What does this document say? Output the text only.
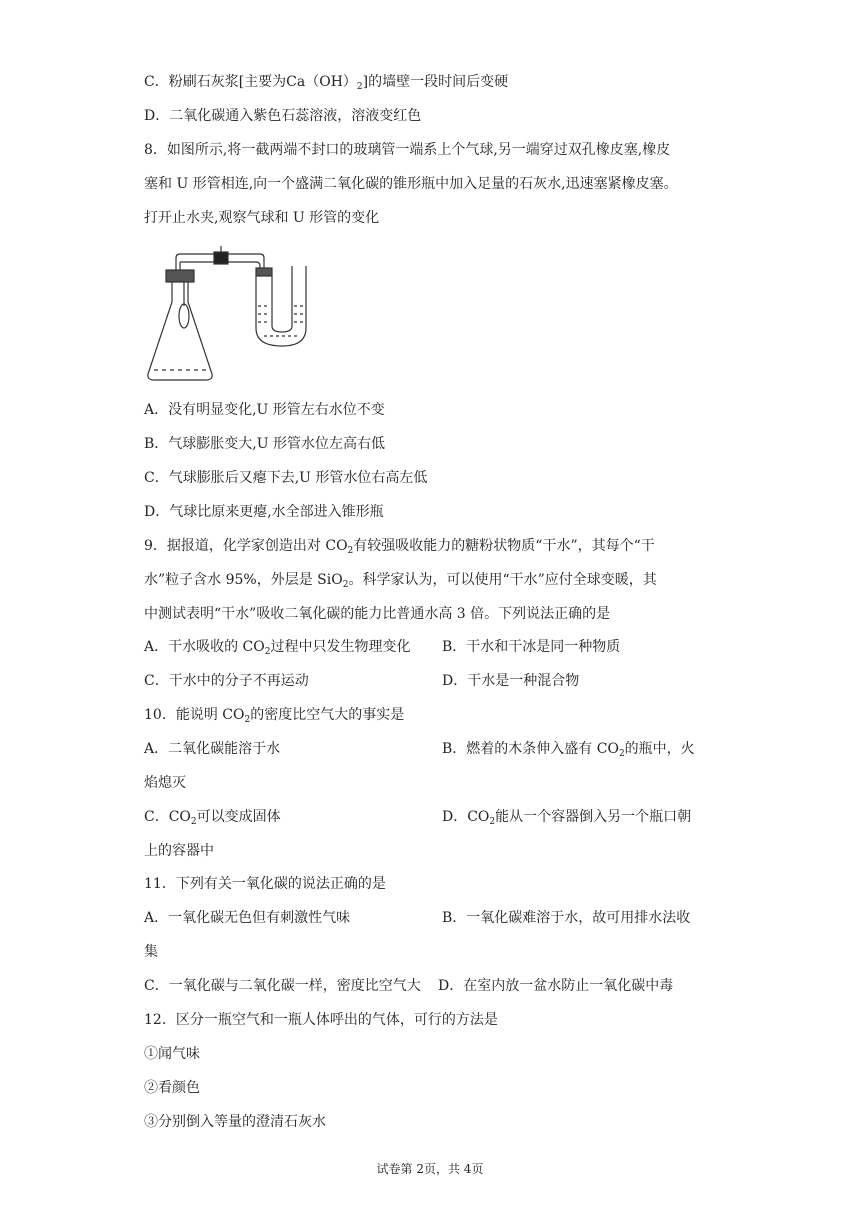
C．粉刷石灰浆[主要为$Ca(OH)_2$]的墙壁一段时间后变硬
D．二氧化碳通入紫色石蕊溶液，溶液变红色
8．如图所示,将一截两端不封口的玻璃管一端系上个气球,另一端穿过双孔橡皮塞,橡皮
塞和 U 形管相连,向一个盛满二氧化碳的锥形瓶中加入足量的石灰水,迅速塞紧橡皮塞。
打开止水夹,观察气球和 U 形管的变化
A．没有明显变化,U 形管左右水位不变
B．气球膨胀变大,U 形管水位左高右低
C．气球膨胀后又瘪下去,U 形管水位右高左低
D．气球比原来更瘪,水全部进入锥形瓶
9．据报道，化学家创造出对 $CO_2$有较强吸收能力的糖粉状物质“干水”，其每个“干
水”粒子含水 95%，外层是 SiO$_2$。科学家认为，可以使用“干水”应付全球变暖，其
中测试表明“干水”吸收二氧化碳的能力比普通水高 3 倍。下列说法正确的是
A．干水吸收的 $CO_2$过程中只发生物理变化 B．干水和干冰是同一种物质
C．干水中的分子不再运动	D．干水是一种混合物
10．能说明 $CO_2$的密度比空气大的事实是
A．二氧化碳能溶于水	B．燃着的木条伸入盛有 $CO_2$的瓶中，火
焰熄灭
C．$CO_2$可以变成固体	D．$CO_2$能从一个容器倒入另一个瓶口朝
上的容器中
11．下列有关一氧化碳的说法正确的是
A．一氧化碳无色但有刺激性气味	B．一氧化碳难溶于水，故可用排水法收
集
C．一氧化碳与二氧化碳一样，密度比空气大 D．在室内放一盆水防止一氧化碳中毒
12．区分一瓶空气和一瓶人体呼出的气体，可行的方法是
①闻气味
②看颜色
③分别倒入等量的澄清石灰水
试卷第 2页，共 4页
